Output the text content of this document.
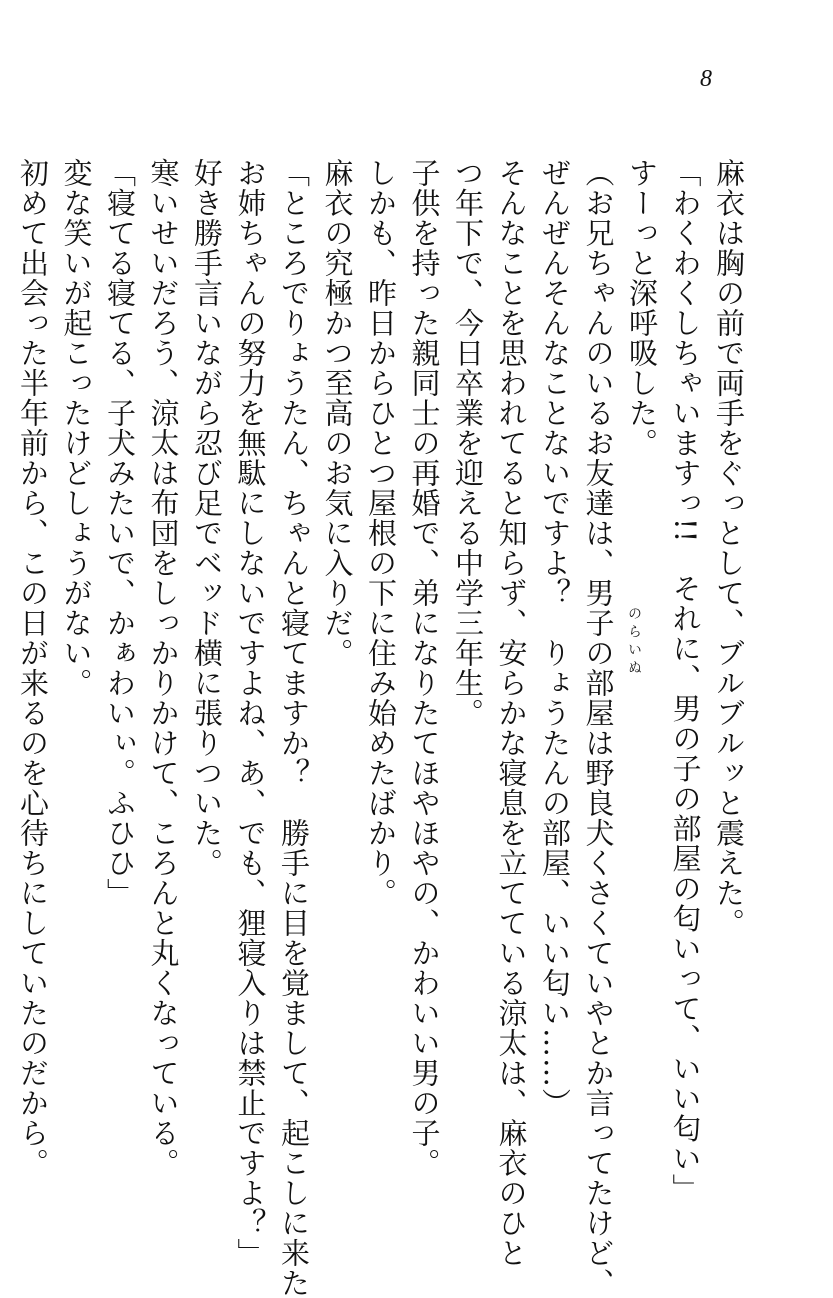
8
麻衣は胸の前で両手をぐっとして、ブルブルッと震えた。
「わくわくしちゃいますっ!!　それに、男の子の部屋の匂いって、いい匂い」
すーっと深呼吸した。
（お兄ちゃんのいるお友達は、男子の部屋は野良犬くさくていやとか言ってたけど、
ぜんぜんそんなことないですよ？　りょうたんの部屋、いい匂い……）
そんなことを思われてると知らず、安らかな寝息を立てている涼太は、麻衣のひと
つ年下で、今日卒業を迎える中学三年生。
子供を持った親同士の再婚で、弟になりたてほやほやの、かわいい男の子。
しかも、昨日からひとつ屋根の下に住み始めたばかり。
麻衣の究極かつ至高のお気に入りだ。
「ところでりょうたん、ちゃんと寝てますか？　勝手に目を覚まして、起こしに来た
お姉ちゃんの努力を無駄にしないですよね、あ、でも、狸寝入りは禁止ですよ？」
好き勝手言いながら忍び足でベッド横に張りついた。
寒いせいだろう、涼太は布団をしっかりかけて、ころんと丸くなっている。
「寝てる寝てる、子犬みたいで、かぁわいぃ。ふひひ」
変な笑いが起こったけどしょうがない。
初めて出会った半年前から、この日が来るのを心待ちにしていたのだから。	のらいぬ
